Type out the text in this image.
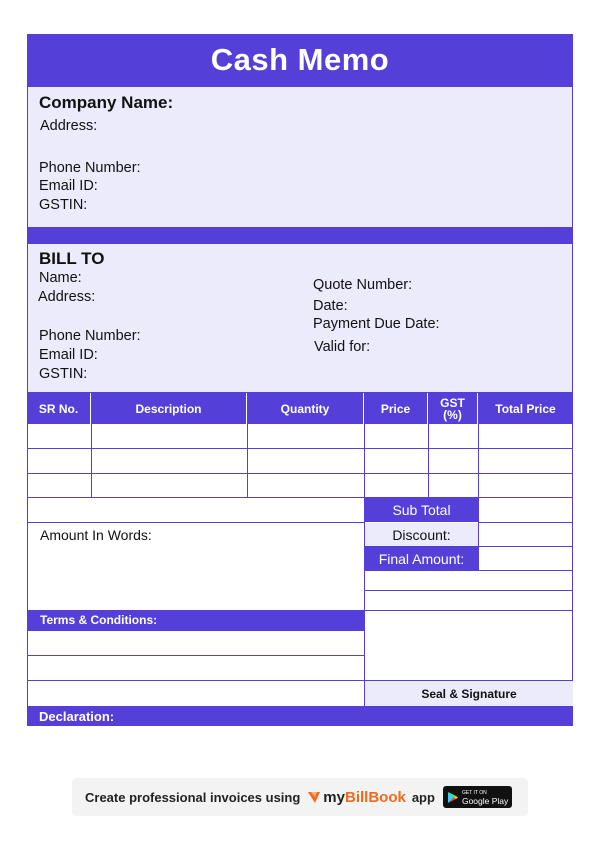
Cash Memo
Company Name:
Address:
Phone Number:
Email ID:
GSTIN:
BILL TO
Name:
Address:
Phone Number:
Email ID:
GSTIN:
Quote Number:
Date:
Payment Due Date:
Valid for:
SR No.	Description	Quantity	Price	GST (%)	Total Price
Amount In Words:
Terms & Conditions:
Sub Total
Discount:
Final Amount:
Seal & Signature
Declaration:
Create professional invoices using myBillBook app	GET IT ON
Google Play
